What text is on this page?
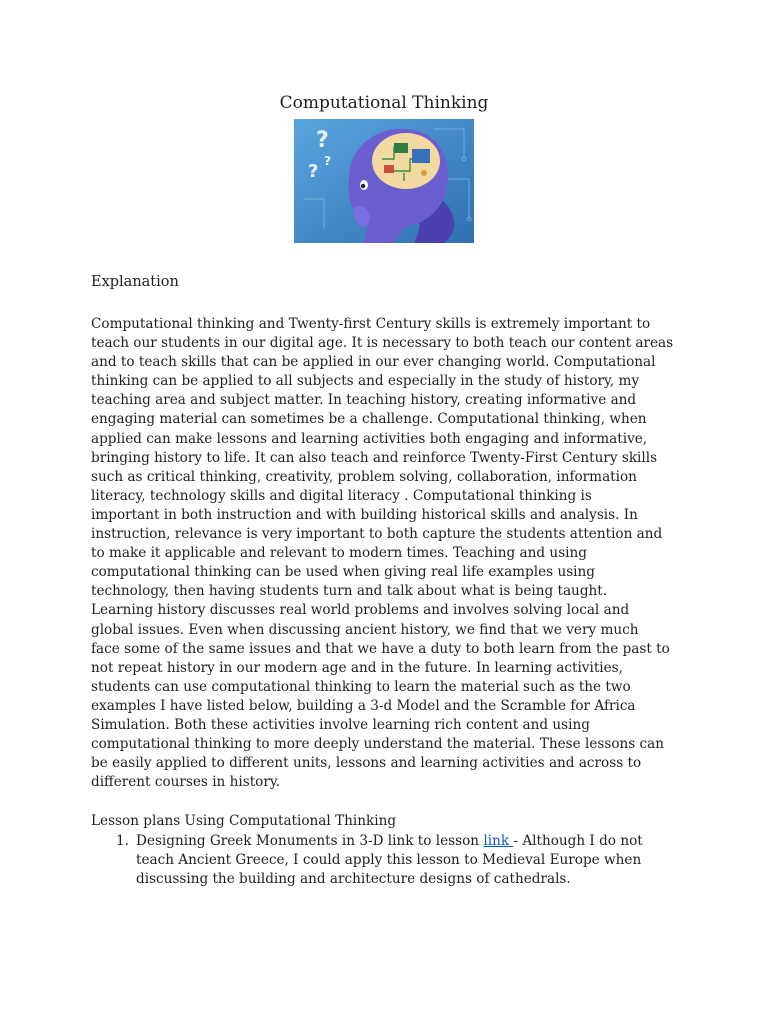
Computational Thinking
?
? ?
Explanation

Computational thinking and Twenty-first Century skills is extremely important to
teach our students in our digital age. It is necessary to both teach our content areas
and to teach skills that can be applied in our ever changing world. Computational
thinking can be applied to all subjects and especially in the study of history, my
teaching area and subject matter. In teaching history, creating informative and
engaging material can sometimes be a challenge. Computational thinking, when
applied can make lessons and learning activities both engaging and informative,
bringing history to life. It can also teach and reinforce Twenty-First Century skills
such as critical thinking, creativity, problem solving, collaboration, information
literacy, technology skills and digital literacy . Computational thinking is
important in both instruction and with building historical skills and analysis. In
instruction, relevance is very important to both capture the students attention and
to make it applicable and relevant to modern times. Teaching and using
computational thinking can be used when giving real life examples using
technology, then having students turn and talk about what is being taught.
Learning history discusses real world problems and involves solving local and
global issues. Even when discussing ancient history, we find that we very much
face some of the same issues and that we have a duty to both learn from the past to
not repeat history in our modern age and in the future. In learning activities,
students can use computational thinking to learn the material such as the two
examples I have listed below, building a 3-d Model and the Scramble for Africa
Simulation. Both these activities involve learning rich content and using
computational thinking to more deeply understand the material. These lessons can
be easily applied to different units, lessons and learning activities and across to
different courses in history.

Lesson plans Using Computational Thinking

1. Designing Greek Monuments in 3-D link to lesson link - Although I do not
teach Ancient Greece, I could apply this lesson to Medieval Europe when
discussing the building and architecture designs of cathedrals.
